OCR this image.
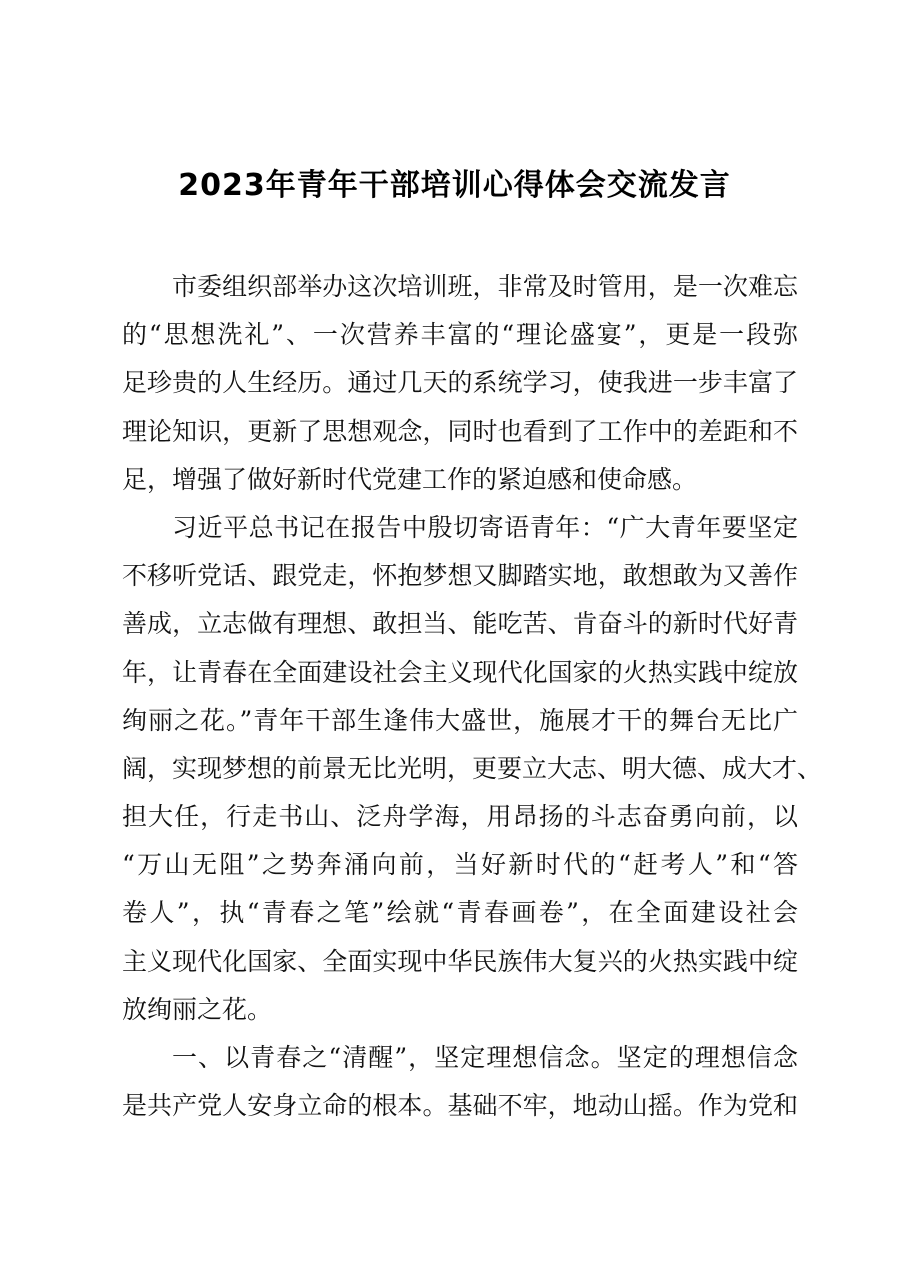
2023年青年干部培训心得体会交流发言
市委组织部举办这次培训班，非常及时管用，是一次难忘
的“思想洗礼”、一次营养丰富的“理论盛宴”，更是一段弥
足珍贵的人生经历。通过几天的系统学习，使我进一步丰富了
理论知识，更新了思想观念，同时也看到了工作中的差距和不
足，增强了做好新时代党建工作的紧迫感和使命感。
习近平总书记在报告中殷切寄语青年：“广大青年要坚定
不移听党话、跟党走，怀抱梦想又脚踏实地，敢想敢为又善作
善成，立志做有理想、敢担当、能吃苦、肯奋斗的新时代好青
年，让青春在全面建设社会主义现代化国家的火热实践中绽放
绚丽之花。”青年干部生逢伟大盛世，施展才干的舞台无比广
阔，实现梦想的前景无比光明，更要立大志、明大德、成大才、
担大任，行走书山、泛舟学海，用昂扬的斗志奋勇向前，以
“万山无阻”之势奔涌向前，当好新时代的“赶考人”和“答
卷人”，执“青春之笔”绘就“青春画卷”，在全面建设社会
主义现代化国家、全面实现中华民族伟大复兴的火热实践中绽
放绚丽之花。
一、以青春之“清醒”，坚定理想信念。坚定的理想信念
是共产党人安身立命的根本。基础不牢，地动山摇。作为党和
